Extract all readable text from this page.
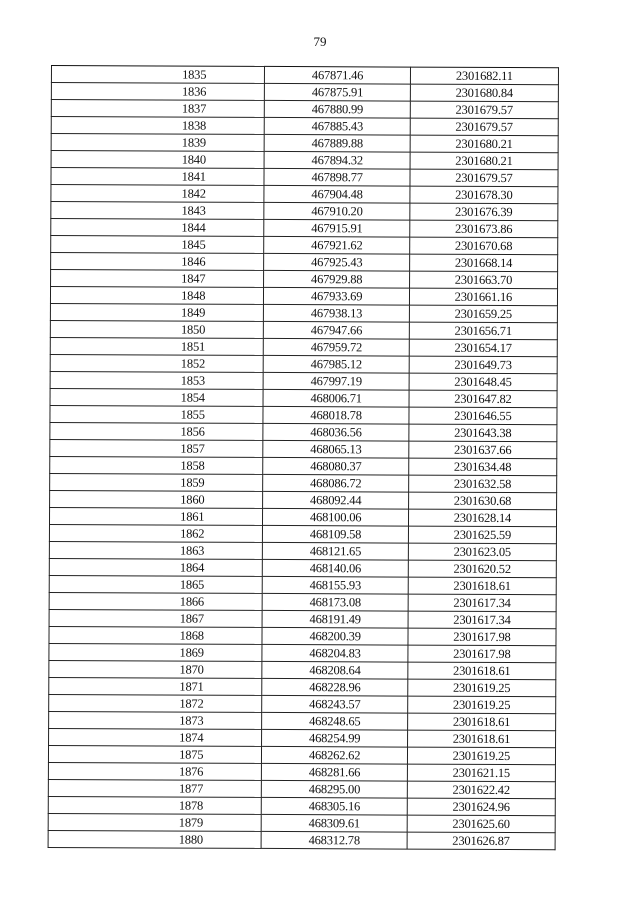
79
1835	467871.46	2301682.11
1836	467875.91	2301680.84
1837	467880.99	2301679.57
1838	467885.43	2301679.57
1839	467889.88	2301680.21
1840	467894.32	2301680.21
1841	467898.77	2301679.57
1842	467904.48	2301678.30
1843	467910.20	2301676.39
1844	467915.91	2301673.86
1845	467921.62	2301670.68
1846	467925.43	2301668.14
1847	467929.88	2301663.70
1848	467933.69	2301661.16
1849	467938.13	2301659.25
1850	467947.66	2301656.71
1851	467959.72	2301654.17
1852	467985.12	2301649.73
1853	467997.19	2301648.45
1854	468006.71	2301647.82
1855	468018.78	2301646.55
1856	468036.56	2301643.38
1857	468065.13	2301637.66
1858	468080.37	2301634.48
1859	468086.72	2301632.58
1860	468092.44	2301630.68
1861	468100.06	2301628.14
1862	468109.58	2301625.59
1863	468121.65	2301623.05
1864	468140.06	2301620.52
1865	468155.93	2301618.61
1866	468173.08	2301617.34
1867	468191.49	2301617.34
1868	468200.39	2301617.98
1869	468204.83	2301617.98
1870	468208.64	2301618.61
1871	468228.96	2301619.25
1872	468243.57	2301619.25
1873	468248.65	2301618.61
1874	468254.99	2301618.61
1875	468262.62	2301619.25
1876	468281.66	2301621.15
1877	468295.00	2301622.42
1878	468305.16	2301624.96
1879	468309.61	2301625.60
1880	468312.78	2301626.87
